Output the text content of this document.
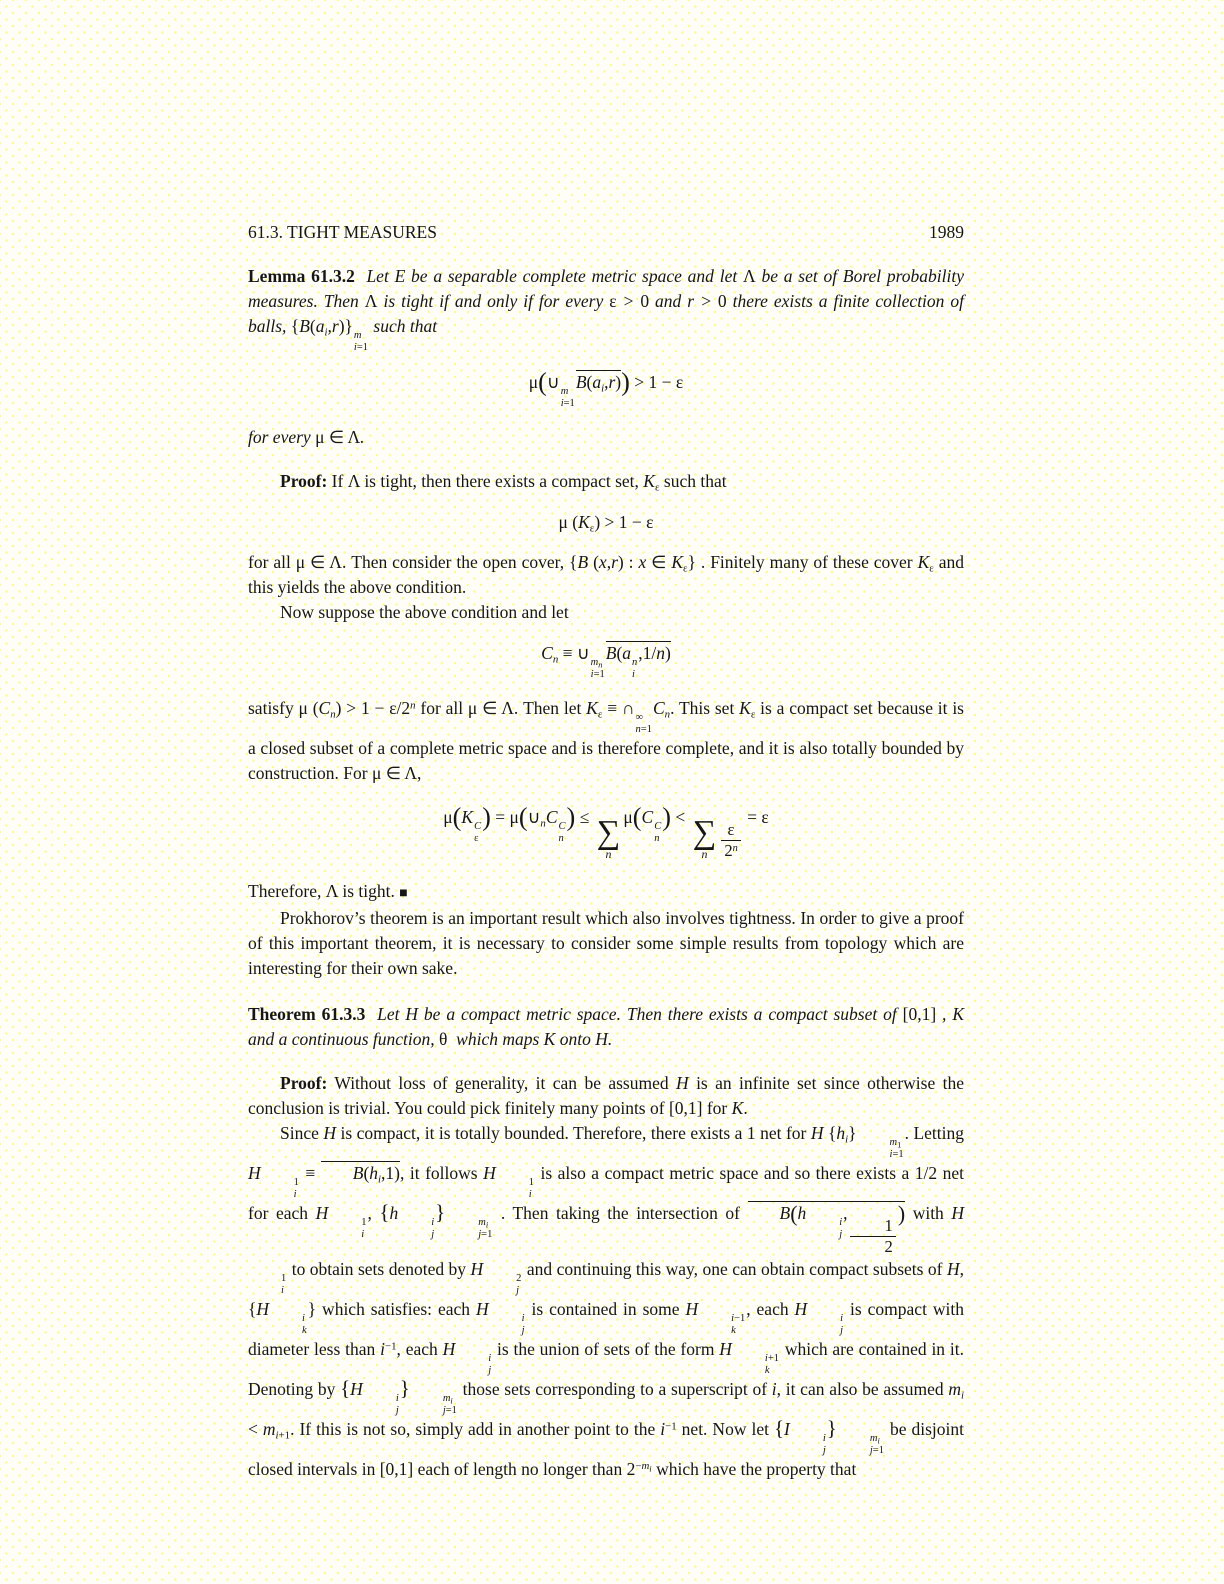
61.3. TIGHT MEASURES	1989
Lemma 61.3.2 Let E be a separable complete metric space and let Λ be a set of Borel probability measures. Then Λ is tight if and only if for every ε > 0 and r > 0 there exists a finite collection of balls, $\{B(a_i,r)\}$ m
i=1
such that
μ(∪ m
i=1
$B(a_i,r)) > 1 - \varepsilon$
for every μ ∈ Λ.
Proof: If Λ is tight, then there exists a compact set, $K_\varepsilon$ such that
μ $(K_\varepsilon) > 1 - \varepsilon$
for all μ ∈ Λ. Then consider the open cover, {B (x,r) : x ∈ $K_\varepsilon$} . Finitely many of these cover $K_\varepsilon$ and this yields the above condition.
Now suppose the above condition and let
$C_n$ ≡ ∪ $m_n$
i=1
B(a n
i
,1/n)
satisfy μ $(C_n) > 1 - \varepsilon/2^n$ for all μ ∈ Λ. Then let $K_\varepsilon$ ≡ ∩ ∞
n=1
$C_n$. This set $K_\varepsilon$ is a compact set because it is a closed subset of a complete metric space and is therefore complete, and it is also totally bounded by construction. For μ ∈ Λ,
μ(K C
ε
) = $\mu(\cup_nC$ C
n
) ≤ ∑
n
μ(C C
n
) < ∑
n $\frac{\varepsilon}{2^n}$
= ε
Therefore, Λ is tight. ■
Prokhorov’s theorem is an important result which also involves tightness. In order to give a proof of this important theorem, it is necessary to consider some simple results from topology which are interesting for their own sake.
Theorem 61.3.3 Let H be a compact metric space. Then there exists a compact subset of [0,1] , K and a continuous function, θ  which maps K onto H.
Proof: Without loss of generality, it can be assumed H is an infinite set since otherwise the conclusion is trivial. You could pick finitely many points of [0,1] for K.
Since H is compact, it is totally bounded. Therefore, there exists a 1 net for H $\{h_i\}$	$m_1$
i=1
. Letting H	1
i
≡ $B(h_i,1)$, it follows H	1
i
is also a compact metric space and so there exists a 1/2 net for each H	1
i
, {h	i
j
}	$m_i$
j=1
. Then taking the intersection of B(h	i
j
,
$\frac{1}{2}$
) with H
1
i
to obtain sets denoted by H	2
j
and continuing this way, one can obtain compact subsets of H, {H	i
k
} which satisfies: each H	i
j
is contained in some H	i−1
k
, each H	i
j
is compact with diameter less than $i^{-1}$, each H	i
j
is the union of sets of the form H	i+1
k
which are contained in it. Denoting by {H	i
j
}	$m_i$
j=1
those sets corresponding to a superscript of i, it can also be assumed $m_i < m_{i+1}$. If this is not so, simply add in another point to the $i^{-1}$ net. Now let {I	i
j
}	$m_i$
j=1
be disjoint closed intervals in [0,1] each of length no longer than $2^{-m_i}$ which have the property that
